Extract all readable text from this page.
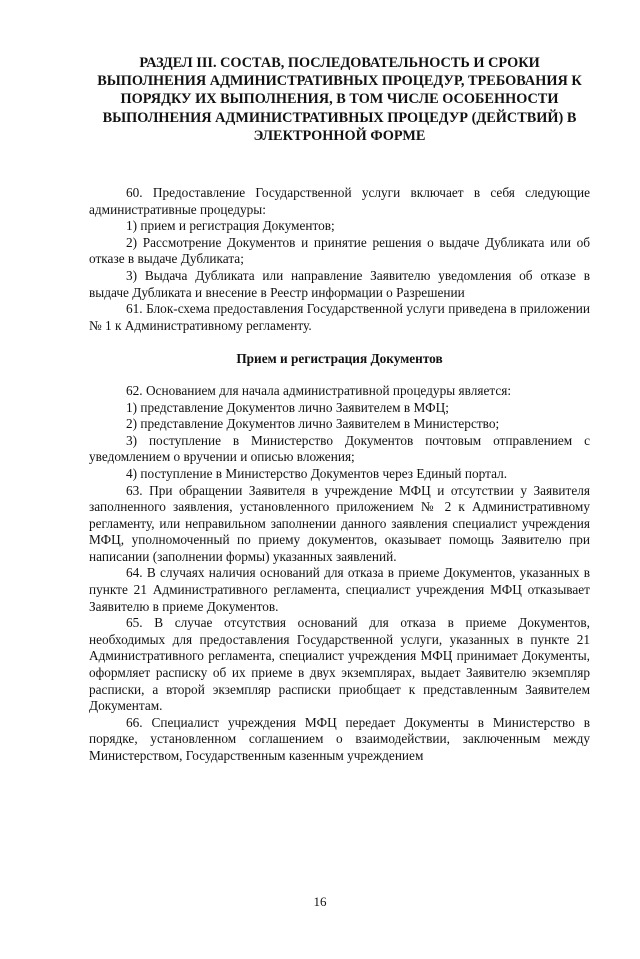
РАЗДЕЛ III. СОСТАВ, ПОСЛЕДОВАТЕЛЬНОСТЬ И СРОКИ ВЫПОЛНЕНИЯ АДМИНИСТРАТИВНЫХ ПРОЦЕДУР, ТРЕБОВАНИЯ К ПОРЯДКУ ИХ ВЫПОЛНЕНИЯ, В ТОМ ЧИСЛЕ ОСОБЕННОСТИ ВЫПОЛНЕНИЯ АДМИНИСТРАТИВНЫХ ПРОЦЕДУР (ДЕЙСТВИЙ) В ЭЛЕКТРОННОЙ ФОРМЕ

60. Предоставление Государственной услуги включает в себя следующие административные процедуры:

1) прием и регистрация Документов;

2) Рассмотрение Документов и принятие решения о выдаче Дубликата или об отказе в выдаче Дубликата;

3) Выдача Дубликата или направление Заявителю уведомления об отказе в выдаче Дубликата и внесение в Реестр информации о Разрешении

61. Блок-схема предоставления Государственной услуги приведена в приложении № 1 к Административному регламенту.

Прием и регистрация Документов

62. Основанием для начала административной процедуры является:

1) представление Документов лично Заявителем в МФЦ;

2) представление Документов лично Заявителем в Министерство;

3) поступление в Министерство Документов почтовым отправлением с уведомлением о вручении и описью вложения;

4) поступление в Министерство Документов через Единый портал.

63. При обращении Заявителя в учреждение МФЦ и отсутствии у Заявителя заполненного заявления, установленного приложением № 2 к Административному регламенту, или неправильном заполнении данного заявления специалист учреждения МФЦ, уполномоченный по приему документов, оказывает помощь Заявителю при написании (заполнении формы) указанных заявлений.

64. В случаях наличия оснований для отказа в приеме Документов, указанных в пункте 21 Административного регламента, специалист учреждения МФЦ отказывает Заявителю в приеме Документов.

65. В случае отсутствия оснований для отказа в приеме Документов, необходимых для предоставления Государственной услуги, указанных в пункте 21 Административного регламента, специалист учреждения МФЦ принимает Документы, оформляет расписку об их приеме в двух экземплярах, выдает Заявителю экземпляр расписки, а второй экземпляр расписки приобщает к представленным Заявителем Документам.

66. Специалист учреждения МФЦ передает Документы в Министерство в порядке, установленном соглашением о взаимодействии, заключенным между Министерством, Государственным казенным учреждением

16
